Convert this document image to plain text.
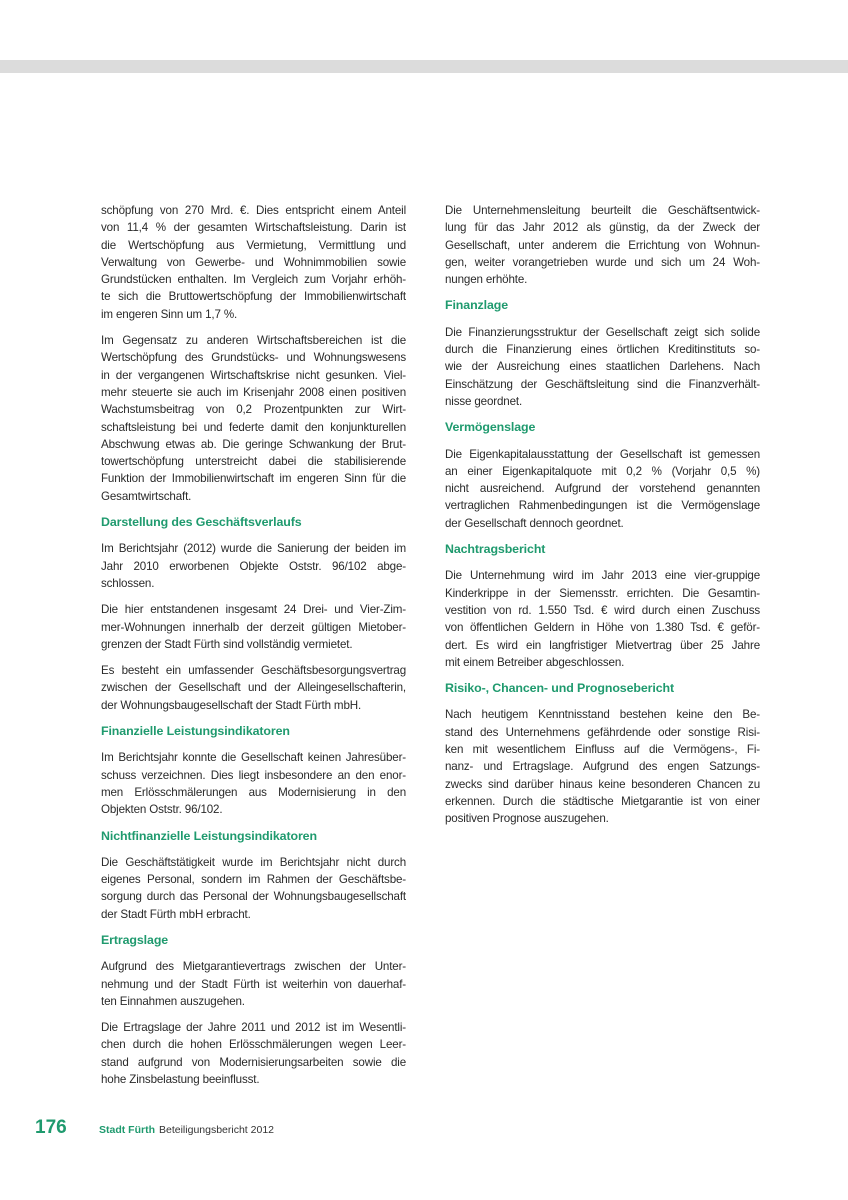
schöpfung von 270 Mrd. €. Dies entspricht einem Anteil
von 11,4 % der gesamten Wirtschaftsleistung. Darin ist
die Wertschöpfung aus Vermietung, Vermittlung und
Verwaltung von Gewerbe- und Wohnimmobilien sowie
Grundstücken enthalten. Im Vergleich zum Vorjahr erhöh-
te sich die Bruttowertschöpfung der Immobilienwirtschaft
im engeren Sinn um 1,7 %.
Im Gegensatz zu anderen Wirtschaftsbereichen ist die
Wertschöpfung des Grundstücks- und Wohnungswesens
in der vergangenen Wirtschaftskrise nicht gesunken. Viel-
mehr steuerte sie auch im Krisenjahr 2008 einen positiven
Wachstumsbeitrag von 0,2 Prozentpunkten zur Wirt-
schaftsleistung bei und federte damit den konjunkturellen
Abschwung etwas ab. Die geringe Schwankung der Brut-
towertschöpfung unterstreicht dabei die stabilisierende
Funktion der Immobilienwirtschaft im engeren Sinn für die
Gesamtwirtschaft.
Darstellung des Geschäftsverlaufs
Im Berichtsjahr (2012) wurde die Sanierung der beiden im
Jahr 2010 erworbenen Objekte Oststr. 96/102 abge-
schlossen.
Die hier entstandenen insgesamt 24 Drei- und Vier-Zim-
mer-Wohnungen innerhalb der derzeit gültigen Mietober-
grenzen der Stadt Fürth sind vollständig vermietet.
Es besteht ein umfassender Geschäftsbesorgungsvertrag
zwischen der Gesellschaft und der Alleingesellschafterin,
der Wohnungsbaugesellschaft der Stadt Fürth mbH.
Finanzielle Leistungsindikatoren
Im Berichtsjahr konnte die Gesellschaft keinen Jahresüber-
schuss verzeichnen. Dies liegt insbesondere an den enor-
men Erlösschmälerungen aus Modernisierung in den
Objekten Oststr. 96/102.
Nichtfinanzielle Leistungsindikatoren
Die Geschäftstätigkeit wurde im Berichtsjahr nicht durch
eigenes Personal, sondern im Rahmen der Geschäftsbe-
sorgung durch das Personal der Wohnungsbaugesellschaft
der Stadt Fürth mbH erbracht.
Ertragslage
Aufgrund des Mietgarantievertrags zwischen der Unter-
nehmung und der Stadt Fürth ist weiterhin von dauerhaf-
ten Einnahmen auszugehen.
Die Ertragslage der Jahre 2011 und 2012 ist im Wesentli-
chen durch die hohen Erlösschmälerungen wegen Leer-
stand aufgrund von Modernisierungsarbeiten sowie die
hohe Zinsbelastung beeinflusst.
Die Unternehmensleitung beurteilt die Geschäftsentwick-
lung für das Jahr 2012 als günstig, da der Zweck der
Gesellschaft, unter anderem die Errichtung von Wohnun-
gen, weiter vorangetrieben wurde und sich um 24 Woh-
nungen erhöhte.
Finanzlage
Die Finanzierungsstruktur der Gesellschaft zeigt sich solide
durch die Finanzierung eines örtlichen Kreditinstituts so-
wie der Ausreichung eines staatlichen Darlehens. Nach
Einschätzung der Geschäftsleitung sind die Finanzverhält-
nisse geordnet.
Vermögenslage
Die Eigenkapitalausstattung der Gesellschaft ist gemessen
an einer Eigenkapitalquote mit 0,2 % (Vorjahr 0,5 %)
nicht ausreichend. Aufgrund der vorstehend genannten
vertraglichen Rahmenbedingungen ist die Vermögenslage
der Gesellschaft dennoch geordnet.
Nachtragsbericht
Die Unternehmung wird im Jahr 2013 eine vier-gruppige
Kinderkrippe in der Siemensstr. errichten. Die Gesamtin-
vestition von rd. 1.550 Tsd. € wird durch einen Zuschuss
von öffentlichen Geldern in Höhe von 1.380 Tsd. € geför-
dert. Es wird ein langfristiger Mietvertrag über 25 Jahre
mit einem Betreiber abgeschlossen.
Risiko-, Chancen- und Prognosebericht
Nach heutigem Kenntnisstand bestehen keine den Be-
stand des Unternehmens gefährdende oder sonstige Risi-
ken mit wesentlichem Einfluss auf die Vermögens-, Fi-
nanz- und Ertragslage. Aufgrund des engen Satzungs-
zwecks sind darüber hinaus keine besonderen Chancen zu
erkennen. Durch die städtische Mietgarantie ist von einer
positiven Prognose auszugehen.
176	Stadt Fürth Beteiligungsbericht 2012
